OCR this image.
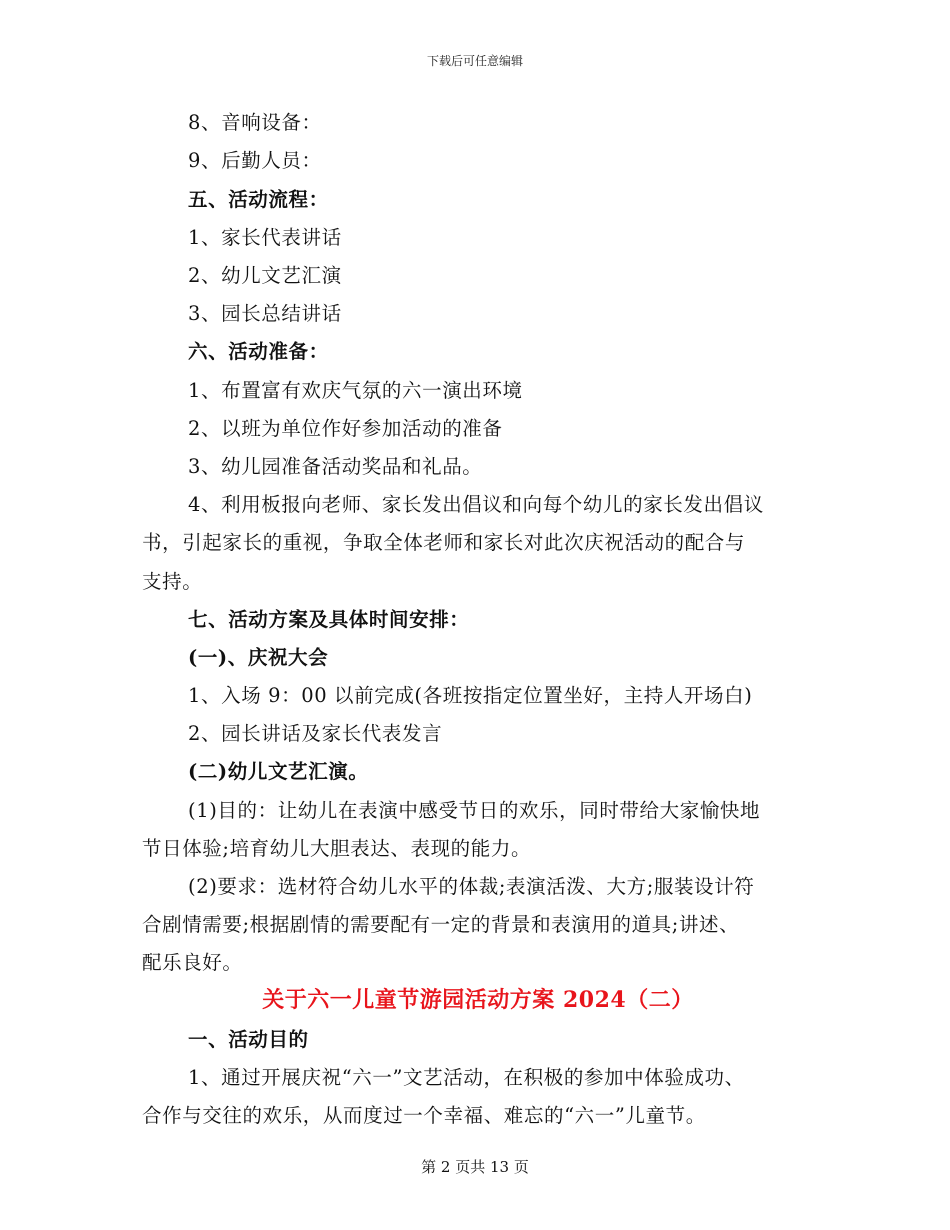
下载后可任意编辑
8、音响设备：
9、后勤人员：
五、活动流程：
1、家长代表讲话
2、幼儿文艺汇演
3、园长总结讲话
六、活动准备：
1、布置富有欢庆气氛的六一演出环境
2、以班为单位作好参加活动的准备
3、幼儿园准备活动奖品和礼品。
4、利用板报向老师、家长发出倡议和向每个幼儿的家长发出倡议
书，引起家长的重视，争取全体老师和家长对此次庆祝活动的配合与
支持。
七、活动方案及具体时间安排：
(一)、庆祝大会
1、入场 9：00 以前完成(各班按指定位置坐好，主持人开场白)
2、园长讲话及家长代表发言
(二)幼儿文艺汇演。
(1)目的：让幼儿在表演中感受节日的欢乐，同时带给大家愉快地
节日体验;培育幼儿大胆表达、表现的能力。
(2)要求：选材符合幼儿水平的体裁;表演活泼、大方;服装设计符
合剧情需要;根据剧情的需要配有一定的背景和表演用的道具;讲述、
配乐良好。
关于六一儿童节游园活动方案 2024（二）
一、活动目的
1、通过开展庆祝“六一”文艺活动，在积极的参加中体验成功、
合作与交往的欢乐，从而度过一个幸福、难忘的“六一”儿童节。
第 2 页共 13 页
